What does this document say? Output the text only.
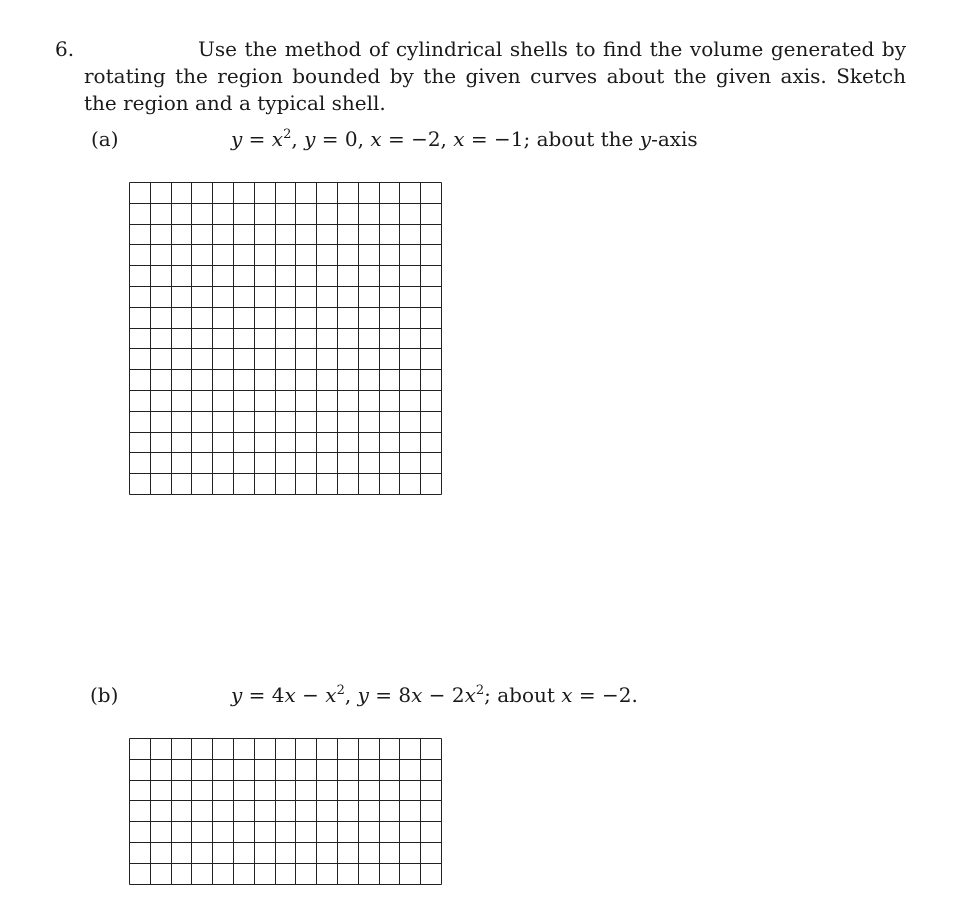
6.	Use the method of cylindrical shells to find the volume generated by rotating the region bounded by the given curves about the given axis. Sketch the region and a typical shell.
(a)	$y = x^2$, y = 0, x = −2, x = −1; about the y-axis
(b)	$y = 4x - x^2$, $y = 8x - 2x^2$; about x = −2.
